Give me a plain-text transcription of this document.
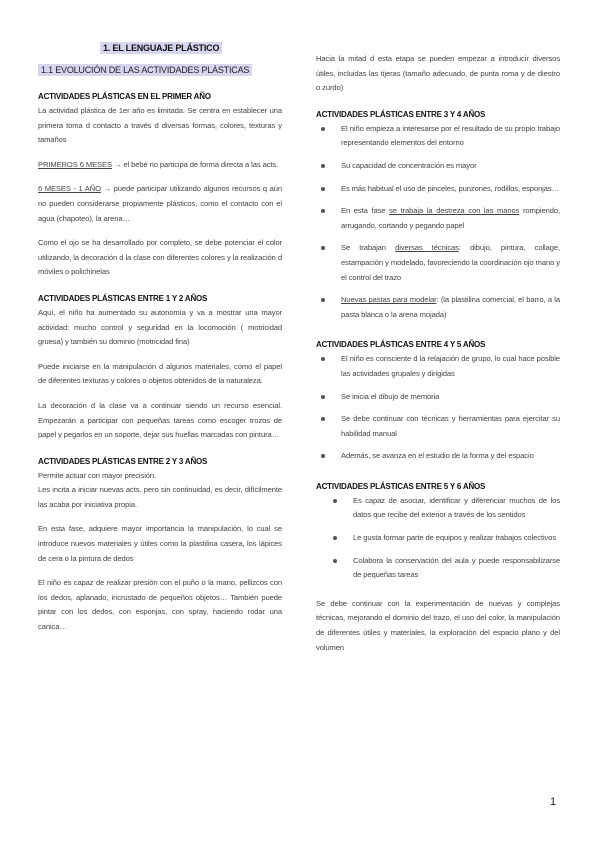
1. EL LENGUAJE PLÁSTICO
1.1 EVOLUCIÓN DE LAS ACTIVIDADES PLÁSTICAS
ACTIVIDADES PLÁSTICAS EN EL PRIMER AÑO

La actividad plástica de 1er año es limitada. Se centra en establecer una primera toma d contacto a través d diversas formas, colores, texturas y tamaños

PRIMEROS 6 MESES → el bebé no participa de forma directa a las acts.

6 MESES - 1 AÑO → puede participar utilizando algunos recursos q aún no pueden considerarse propiamente plásticos, como el contacto con el agua (chapoteo), la arena…

Como el ojo se ha desarrollado por completo, se debe potenciar el color utilizando, la decoración d la clase con diferentes colores y la realización d móviles o polichinelas

ACTIVIDADES PLÁSTICAS ENTRE 1 Y 2 AÑOS

Aquí, el niño ha aumentado su autonomía y va a mostrar una mayor actividad: mucho control y seguridad en la locomoción ( motricidad gruesa) y también su dominio (motricidad fina)

Puede iniciarse en la manipulación d algunos materiales, como el papel de diferentes texturas y colores o objetos obtenidos de la naturaleza.

La decoración d la clase va a continuar siendo un recurso esencial. Empezarán a participar con pequeñas tareas como escoger trozos de papel y pegarlos en un soporte, dejar sus huellas marcadas con pintura…

ACTIVIDADES PLÁSTICAS ENTRE 2 Y 3 AÑOS

Permite actuar con mayor precisión.
Les incita a iniciar nuevas acts. pero sin continuidad, es decir, difícilmente las acaba por iniciativa propia.

En esta fase, adquiere mayor importancia la manipulación, lo cual se introduce nuevos materiales y útiles como la plastilina casera, los lápices de cera o la pintura de dedos

El niño es capaz de realizar presión con el puño o la mano, pellizcos con los dedos, aplanado, incrustado de pequeños objetos… También puede pintar con los dedos, con esponjas, con spray, haciendo rodar una canica…

Hacia la mitad d esta etapa se pueden empezar a introducir diversos útiles, incluidas las tijeras (tamaño adecuado, de punta roma y de diestro o zurdo)

ACTIVIDADES PLÁSTICAS ENTRE 3 Y 4 AÑOS
El niño empieza a interesarse por el resultado de su propio trabajo representando elementos del entorno
Su capacidad de concentración es mayor
Es más habitual el uso de pinceles, punzones, rodillos, esponjas…
En esta fase se trabaja la destreza con las manos rompiendo, arrugando, cortando y pegando papel
Se trabajan diversas técnicas: dibujo, pintura, collage, estampación y modelado, favoreciendo la coordinación ojo mano y el control del trazo
Nuevas pastas para modelar: (la plastilina comercial, el barro, a la pasta blanca o la arena mojada)
ACTIVIDADES PLÁSTICAS ENTRE 4 Y 5 AÑOS
El niño es consciente d la relajación de grupo, lo cual hace posible las actividades grupales y dirigidas
Se inicia el dibujo de memoria
Se debe continuar con técnicas y herramientas para ejercitar su habilidad manual
Además, se avanza en el estudio de la forma y del espacio
ACTIVIDADES PLÁSTICAS ENTRE 5 Y 6 AÑOS
Es capaz de asociar, identificar y diferenciar muchos de los datos que recibe del exterior a través de los sentidos
Le gusta formar parte de equipos y realizar trabajos colectivos
Colabora la conservación del aula y puede responsabilizarse de pequeñas tareas

Se debe continuar con la experimentación de nuevas y complejas técnicas, mejorando el dominio del trazo, el uso del color, la manipulación de diferentes útiles y materiales, la exploración del espacio plano y del volumen

1
